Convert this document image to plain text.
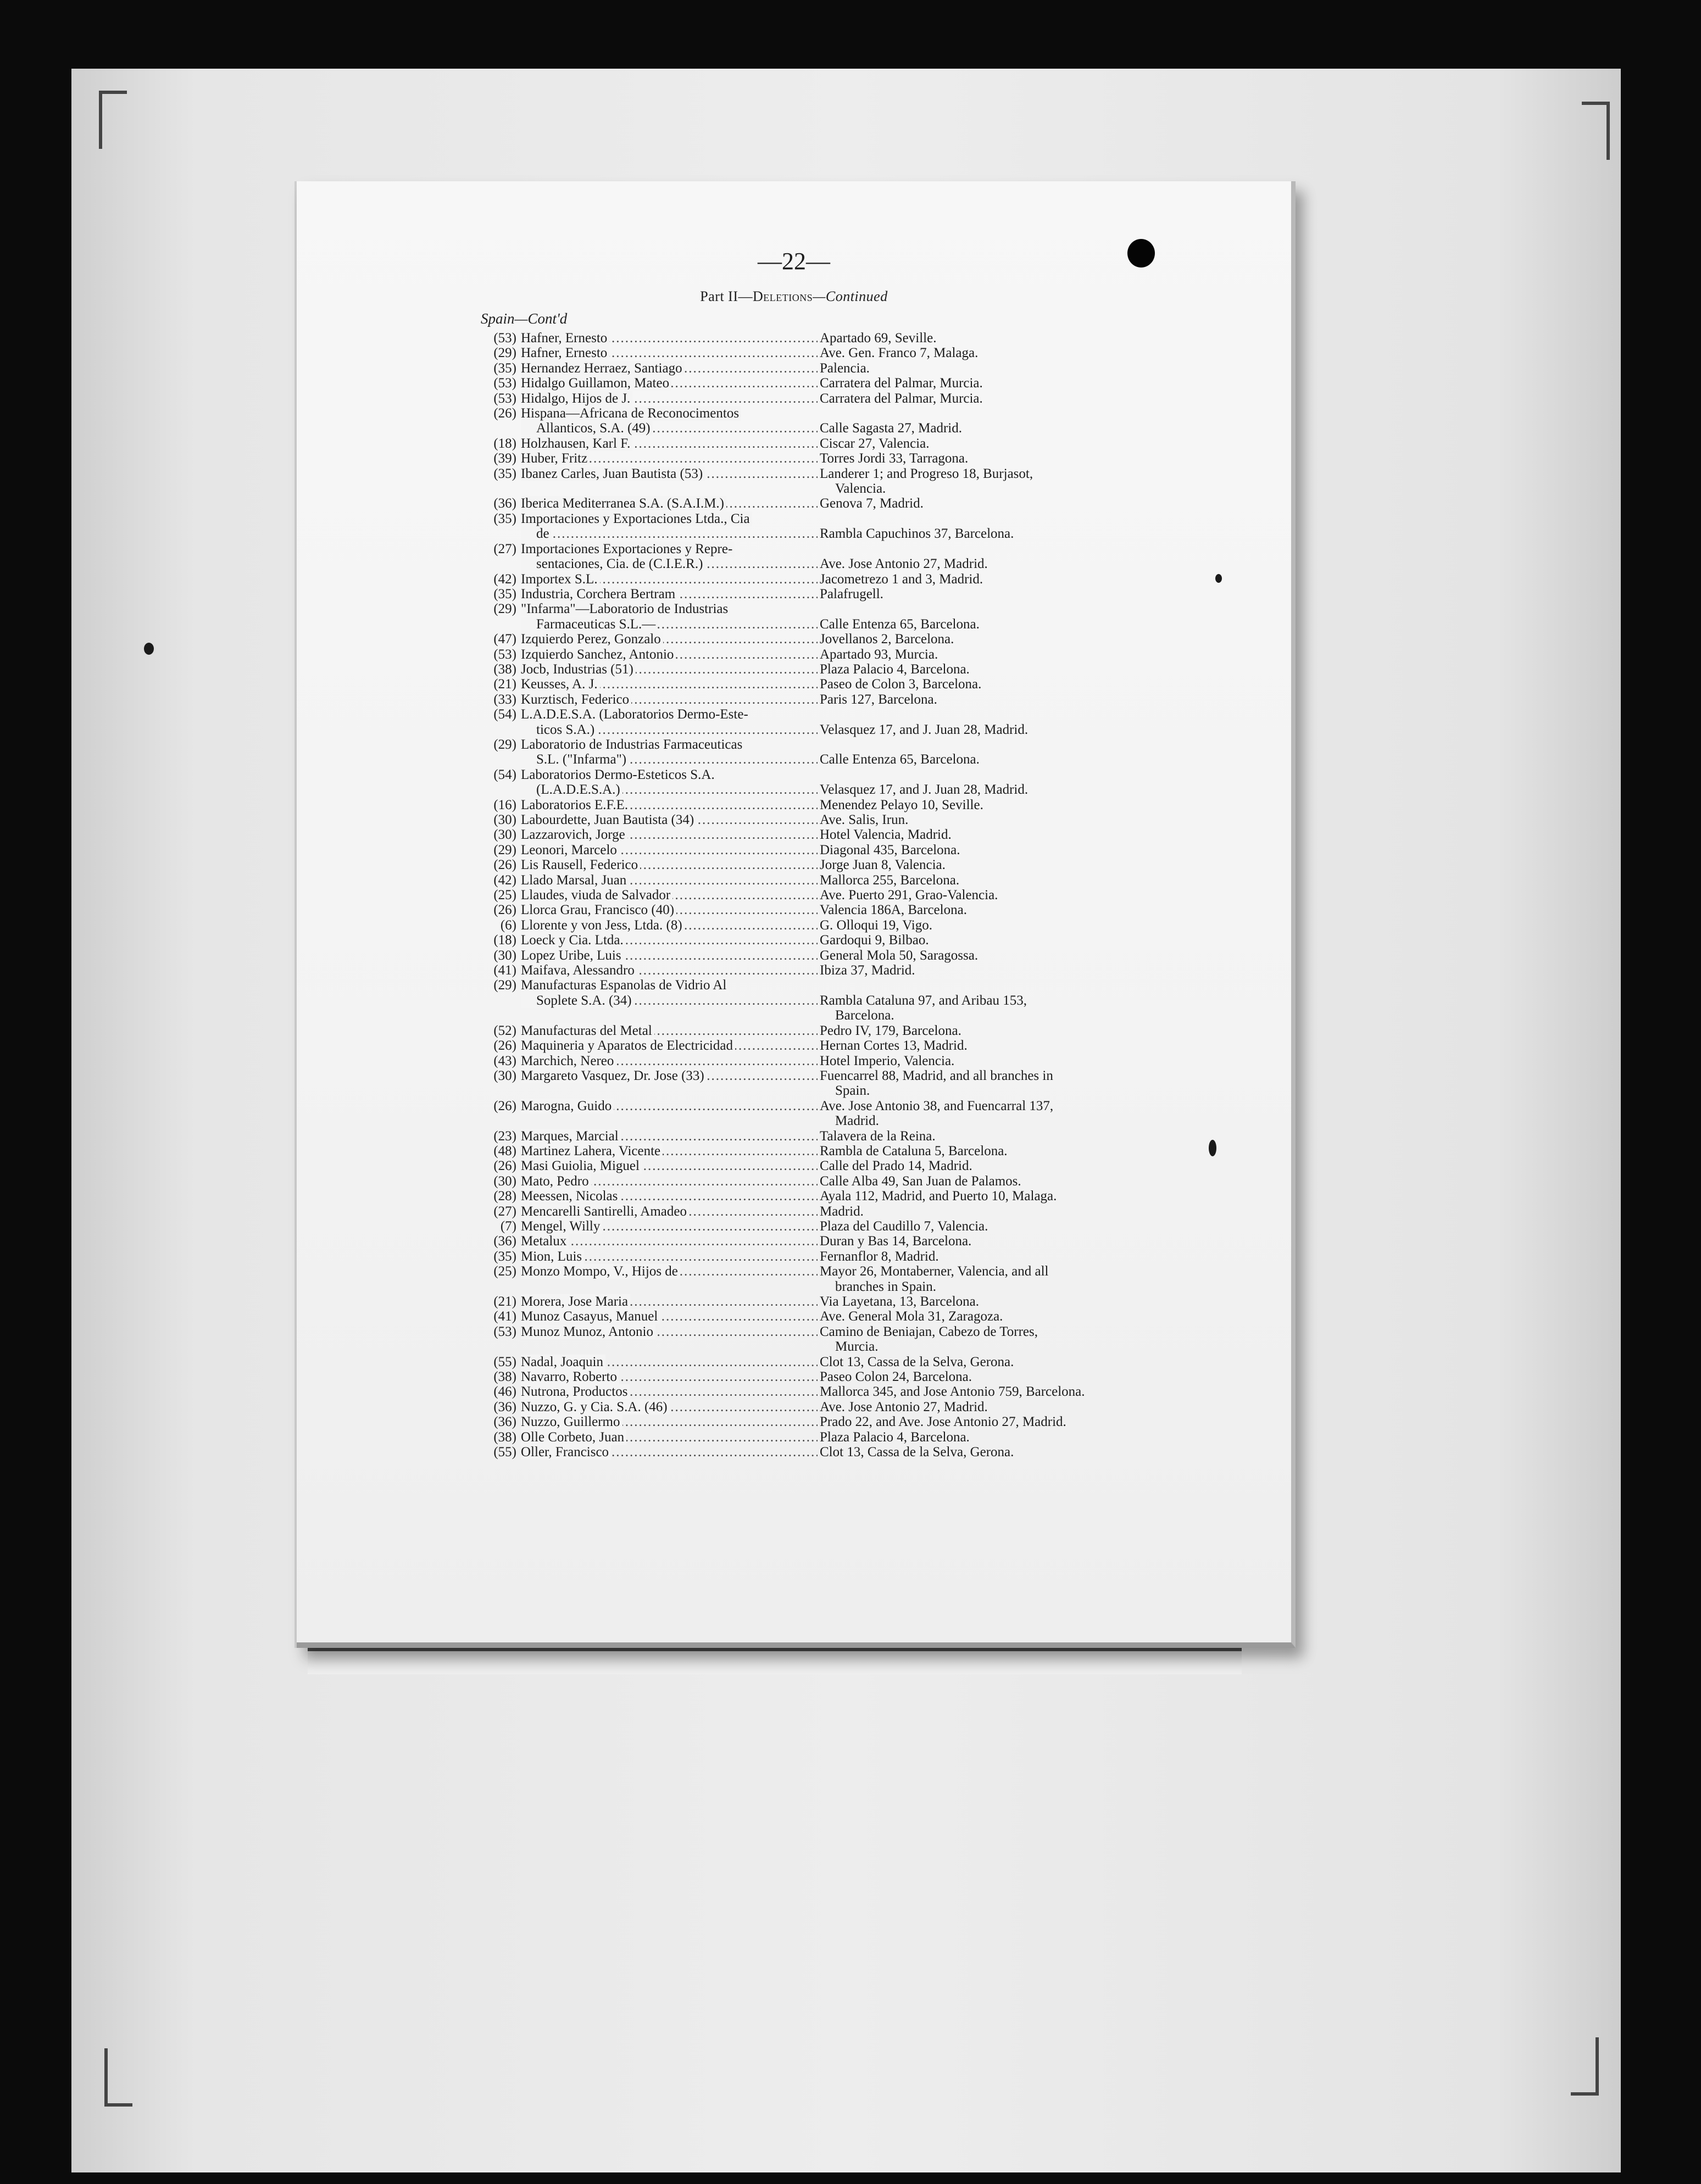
—22—
Part II—Deletions—Continued
Spain—Cont'd
(53) Hafner, Ernesto .....	Apartado 69, Seville.
(29) Hafner, Ernesto .....	Ave. Gen. Franco 7, Malaga.
(35) Hernandez Herraez, Santiago .....	Palencia.
(53) Hidalgo Guillamon, Mateo .....	Carratera del Palmar, Murcia.
(53) Hidalgo, Hijos de J. .....	Carratera del Palmar, Murcia.
(26) Hispana—Africana de Reconocimentos
Allanticos, S.A. (49) .....	Calle Sagasta 27, Madrid.
(18) Holzhausen, Karl F. .....	Ciscar 27, Valencia.
(39) Huber, Fritz .....	Torres Jordi 33, Tarragona.
(35) Ibanez Carles, Juan Bautista (53) .....	Landerer 1; and Progreso 18, Burjasot,
Valencia.
(36) Iberica Mediterranea S.A. (S.A.I.M.) .....	Genova 7, Madrid.
(35) Importaciones y Exportaciones Ltda., Cia
de .....	Rambla Capuchinos 37, Barcelona.
(27) Importaciones Exportaciones y Repre-
sentaciones, Cia. de (C.I.E.R.) .....	Ave. Jose Antonio 27, Madrid.
(42) Importex S.L. .....	Jacometrezo 1 and 3, Madrid.
(35) Industria, Corchera Bertram .....	Palafrugell.
(29) "Infarma"—Laboratorio de Industrias
Farmaceuticas S.L.— .....	Calle Entenza 65, Barcelona.
(47) Izquierdo Perez, Gonzalo .....	Jovellanos 2, Barcelona.
(53) Izquierdo Sanchez, Antonio .....	Apartado 93, Murcia.
(38) Jocb, Industrias (51) .....	Plaza Palacio 4, Barcelona.
(21) Keusses, A. J. .....	Paseo de Colon 3, Barcelona.
(33) Kurztisch, Federico .....	Paris 127, Barcelona.
(54) L.A.D.E.S.A. (Laboratorios Dermo-Este-
ticos S.A.) .....	Velasquez 17, and J. Juan 28, Madrid.
(29) Laboratorio de Industrias Farmaceuticas
S.L. ("Infarma") .....	Calle Entenza 65, Barcelona.
(54) Laboratorios Dermo-Esteticos S.A.
(L.A.D.E.S.A.) .....	Velasquez 17, and J. Juan 28, Madrid.
(16) Laboratorios E.F.E. .....	Menendez Pelayo 10, Seville.
(30) Labourdette, Juan Bautista (34) .....	Ave. Salis, Irun.
(30) Lazzarovich, Jorge .....	Hotel Valencia, Madrid.
(29) Leonori, Marcelo .....	Diagonal 435, Barcelona.
(26) Lis Rausell, Federico .....	Jorge Juan 8, Valencia.
(42) Llado Marsal, Juan .....	Mallorca 255, Barcelona.
(25) Llaudes, viuda de Salvador .....	Ave. Puerto 291, Grao-Valencia.
(26) Llorca Grau, Francisco (40) .....	Valencia 186A, Barcelona.
(6) Llorente y von Jess, Ltda. (8) .....	G. Olloqui 19, Vigo.
(18) Loeck y Cia. Ltda. .....	Gardoqui 9, Bilbao.
(30) Lopez Uribe, Luis .....	General Mola 50, Saragossa.
(41) Maifava, Alessandro .....	Ibiza 37, Madrid.
(29) Manufacturas Espanolas de Vidrio Al
Soplete S.A. (34) .....	Rambla Cataluna 97, and Aribau 153,
Barcelona.
(52) Manufacturas del Metal .....	Pedro IV, 179, Barcelona.
(26) Maquineria y Aparatos de Electricidad .....	Hernan Cortes 13, Madrid.
(43) Marchich, Nereo .....	Hotel Imperio, Valencia.
(30) Margareto Vasquez, Dr. Jose (33) .....	Fuencarrel 88, Madrid, and all branches in
Spain.
(26) Marogna, Guido .....	Ave. Jose Antonio 38, and Fuencarral 137,
Madrid.
(23) Marques, Marcial .....	Talavera de la Reina.
(48) Martinez Lahera, Vicente .....	Rambla de Cataluna 5, Barcelona.
(26) Masi Guiolia, Miguel .....	Calle del Prado 14, Madrid.
(30) Mato, Pedro .....	Calle Alba 49, San Juan de Palamos.
(28) Meessen, Nicolas .....	Ayala 112, Madrid, and Puerto 10, Malaga.
(27) Mencarelli Santirelli, Amadeo .....	Madrid.
(7) Mengel, Willy .....	Plaza del Caudillo 7, Valencia.
(36) Metalux .....	Duran y Bas 14, Barcelona.
(35) Mion, Luis .....	Fernanflor 8, Madrid.
(25) Monzo Mompo, V., Hijos de .....	Mayor 26, Montaberner, Valencia, and all
branches in Spain.
(21) Morera, Jose Maria .....	Via Layetana, 13, Barcelona.
(41) Munoz Casayus, Manuel .....	Ave. General Mola 31, Zaragoza.
(53) Munoz Munoz, Antonio .....	Camino de Beniajan, Cabezo de Torres,
Murcia.
(55) Nadal, Joaquin .....	Clot 13, Cassa de la Selva, Gerona.
(38) Navarro, Roberto .....	Paseo Colon 24, Barcelona.
(46) Nutrona, Productos .....	Mallorca 345, and Jose Antonio 759, Barcelona.
(36) Nuzzo, G. y Cia. S.A. (46) .....	Ave. Jose Antonio 27, Madrid.
(36) Nuzzo, Guillermo .....	Prado 22, and Ave. Jose Antonio 27, Madrid.
(38) Olle Corbeto, Juan .....	Plaza Palacio 4, Barcelona.
(55) Oller, Francisco .....	Clot 13, Cassa de la Selva, Gerona.
